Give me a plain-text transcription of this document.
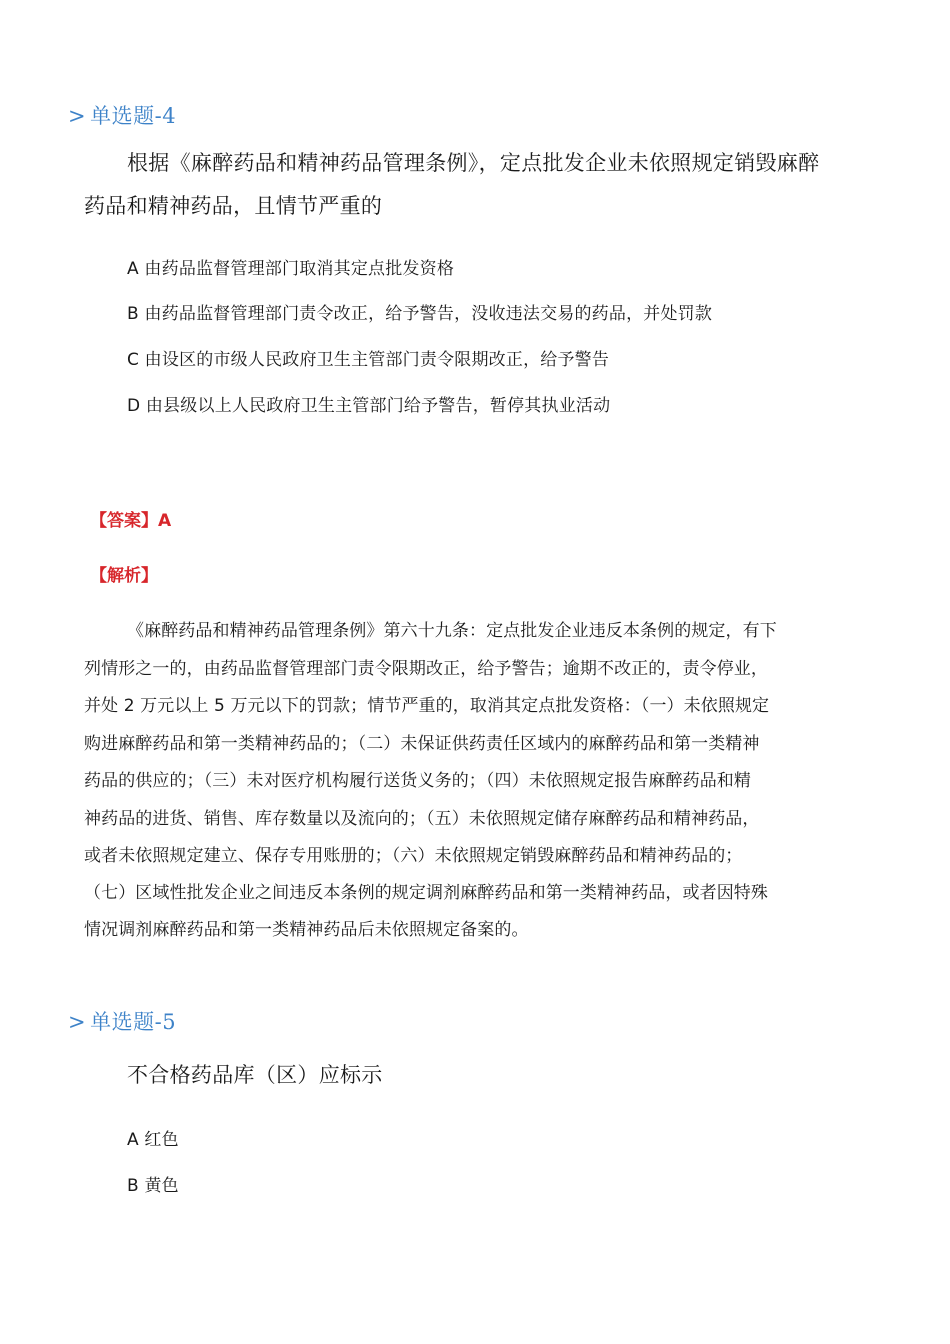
> 单选题-4
根据《麻醉药品和精神药品管理条例》，定点批发企业未依照规定销毁麻醉
药品和精神药品，且情节严重的
A 由药品监督管理部门取消其定点批发资格
B 由药品监督管理部门责令改正，给予警告，没收违法交易的药品，并处罚款
C 由设区的市级人民政府卫生主管部门责令限期改正，给予警告
D 由县级以上人民政府卫生主管部门给予警告，暂停其执业活动
【答案】A
【解析】
《麻醉药品和精神药品管理条例》第六十九条：定点批发企业违反本条例的规定，有下
列情形之一的，由药品监督管理部门责令限期改正，给予警告；逾期不改正的，责令停业，
并处 2 万元以上 5 万元以下的罚款；情节严重的，取消其定点批发资格：（一）未依照规定
购进麻醉药品和第一类精神药品的；（二）未保证供药责任区域内的麻醉药品和第一类精神
药品的供应的；（三）未对医疗机构履行送货义务的；（四）未依照规定报告麻醉药品和精
神药品的进货、销售、库存数量以及流向的；（五）未依照规定储存麻醉药品和精神药品，
或者未依照规定建立、保存专用账册的；（六）未依照规定销毁麻醉药品和精神药品的；
（七）区域性批发企业之间违反本条例的规定调剂麻醉药品和第一类精神药品，或者因特殊
情况调剂麻醉药品和第一类精神药品后未依照规定备案的。
> 单选题-5
不合格药品库（区）应标示
A 红色
B 黄色
